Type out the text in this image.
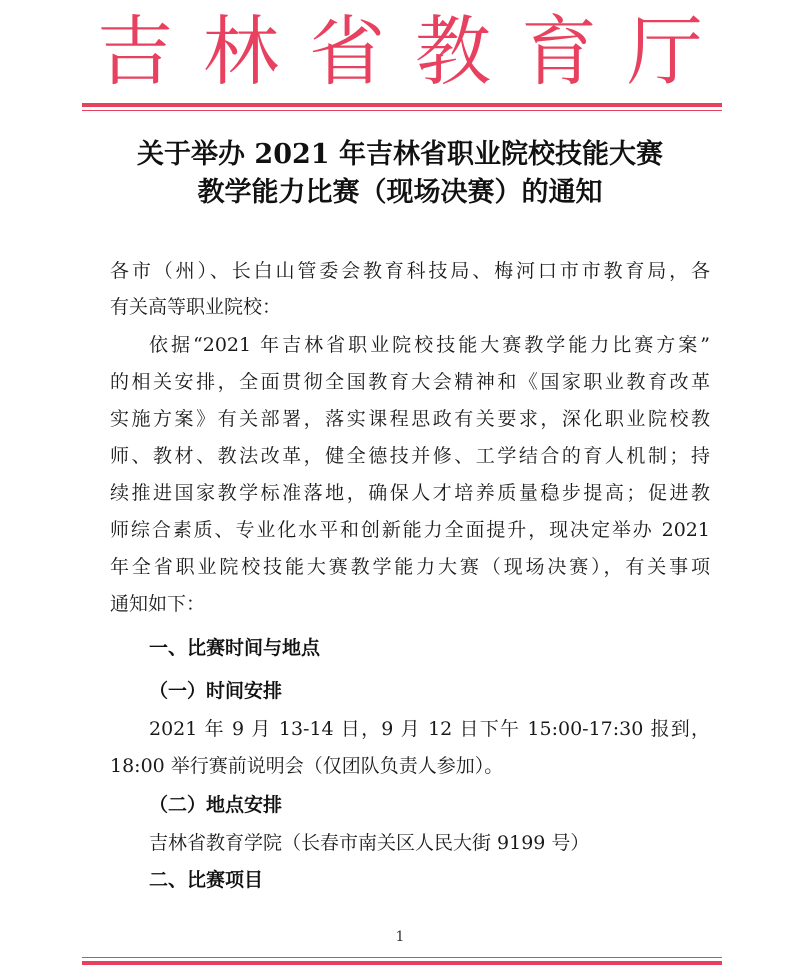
吉林省教育厅
关于举办 2021 年吉林省职业院校技能大赛
教学能力比赛（现场决赛）的通知
各市（州）、长白山管委会教育科技局、梅河口市市教育局，各
有关高等职业院校：
依据“2021 年吉林省职业院校技能大赛教学能力比赛方案”
的相关安排，全面贯彻全国教育大会精神和《国家职业教育改革
实施方案》有关部署，落实课程思政有关要求，深化职业院校教
师、教材、教法改革，健全德技并修、工学结合的育人机制；持
续推进国家教学标准落地，确保人才培养质量稳步提高；促进教
师综合素质、专业化水平和创新能力全面提升，现决定举办 2021
年全省职业院校技能大赛教学能力大赛（现场决赛），有关事项
通知如下：
一、比赛时间与地点
（一）时间安排
2021 年 9 月 13-14 日，9 月 12 日下午 15:00-17:30 报到，
18:00 举行赛前说明会（仅团队负责人参加）。
（二）地点安排
吉林省教育学院（长春市南关区人民大街 9199 号）
二、比赛项目
1
